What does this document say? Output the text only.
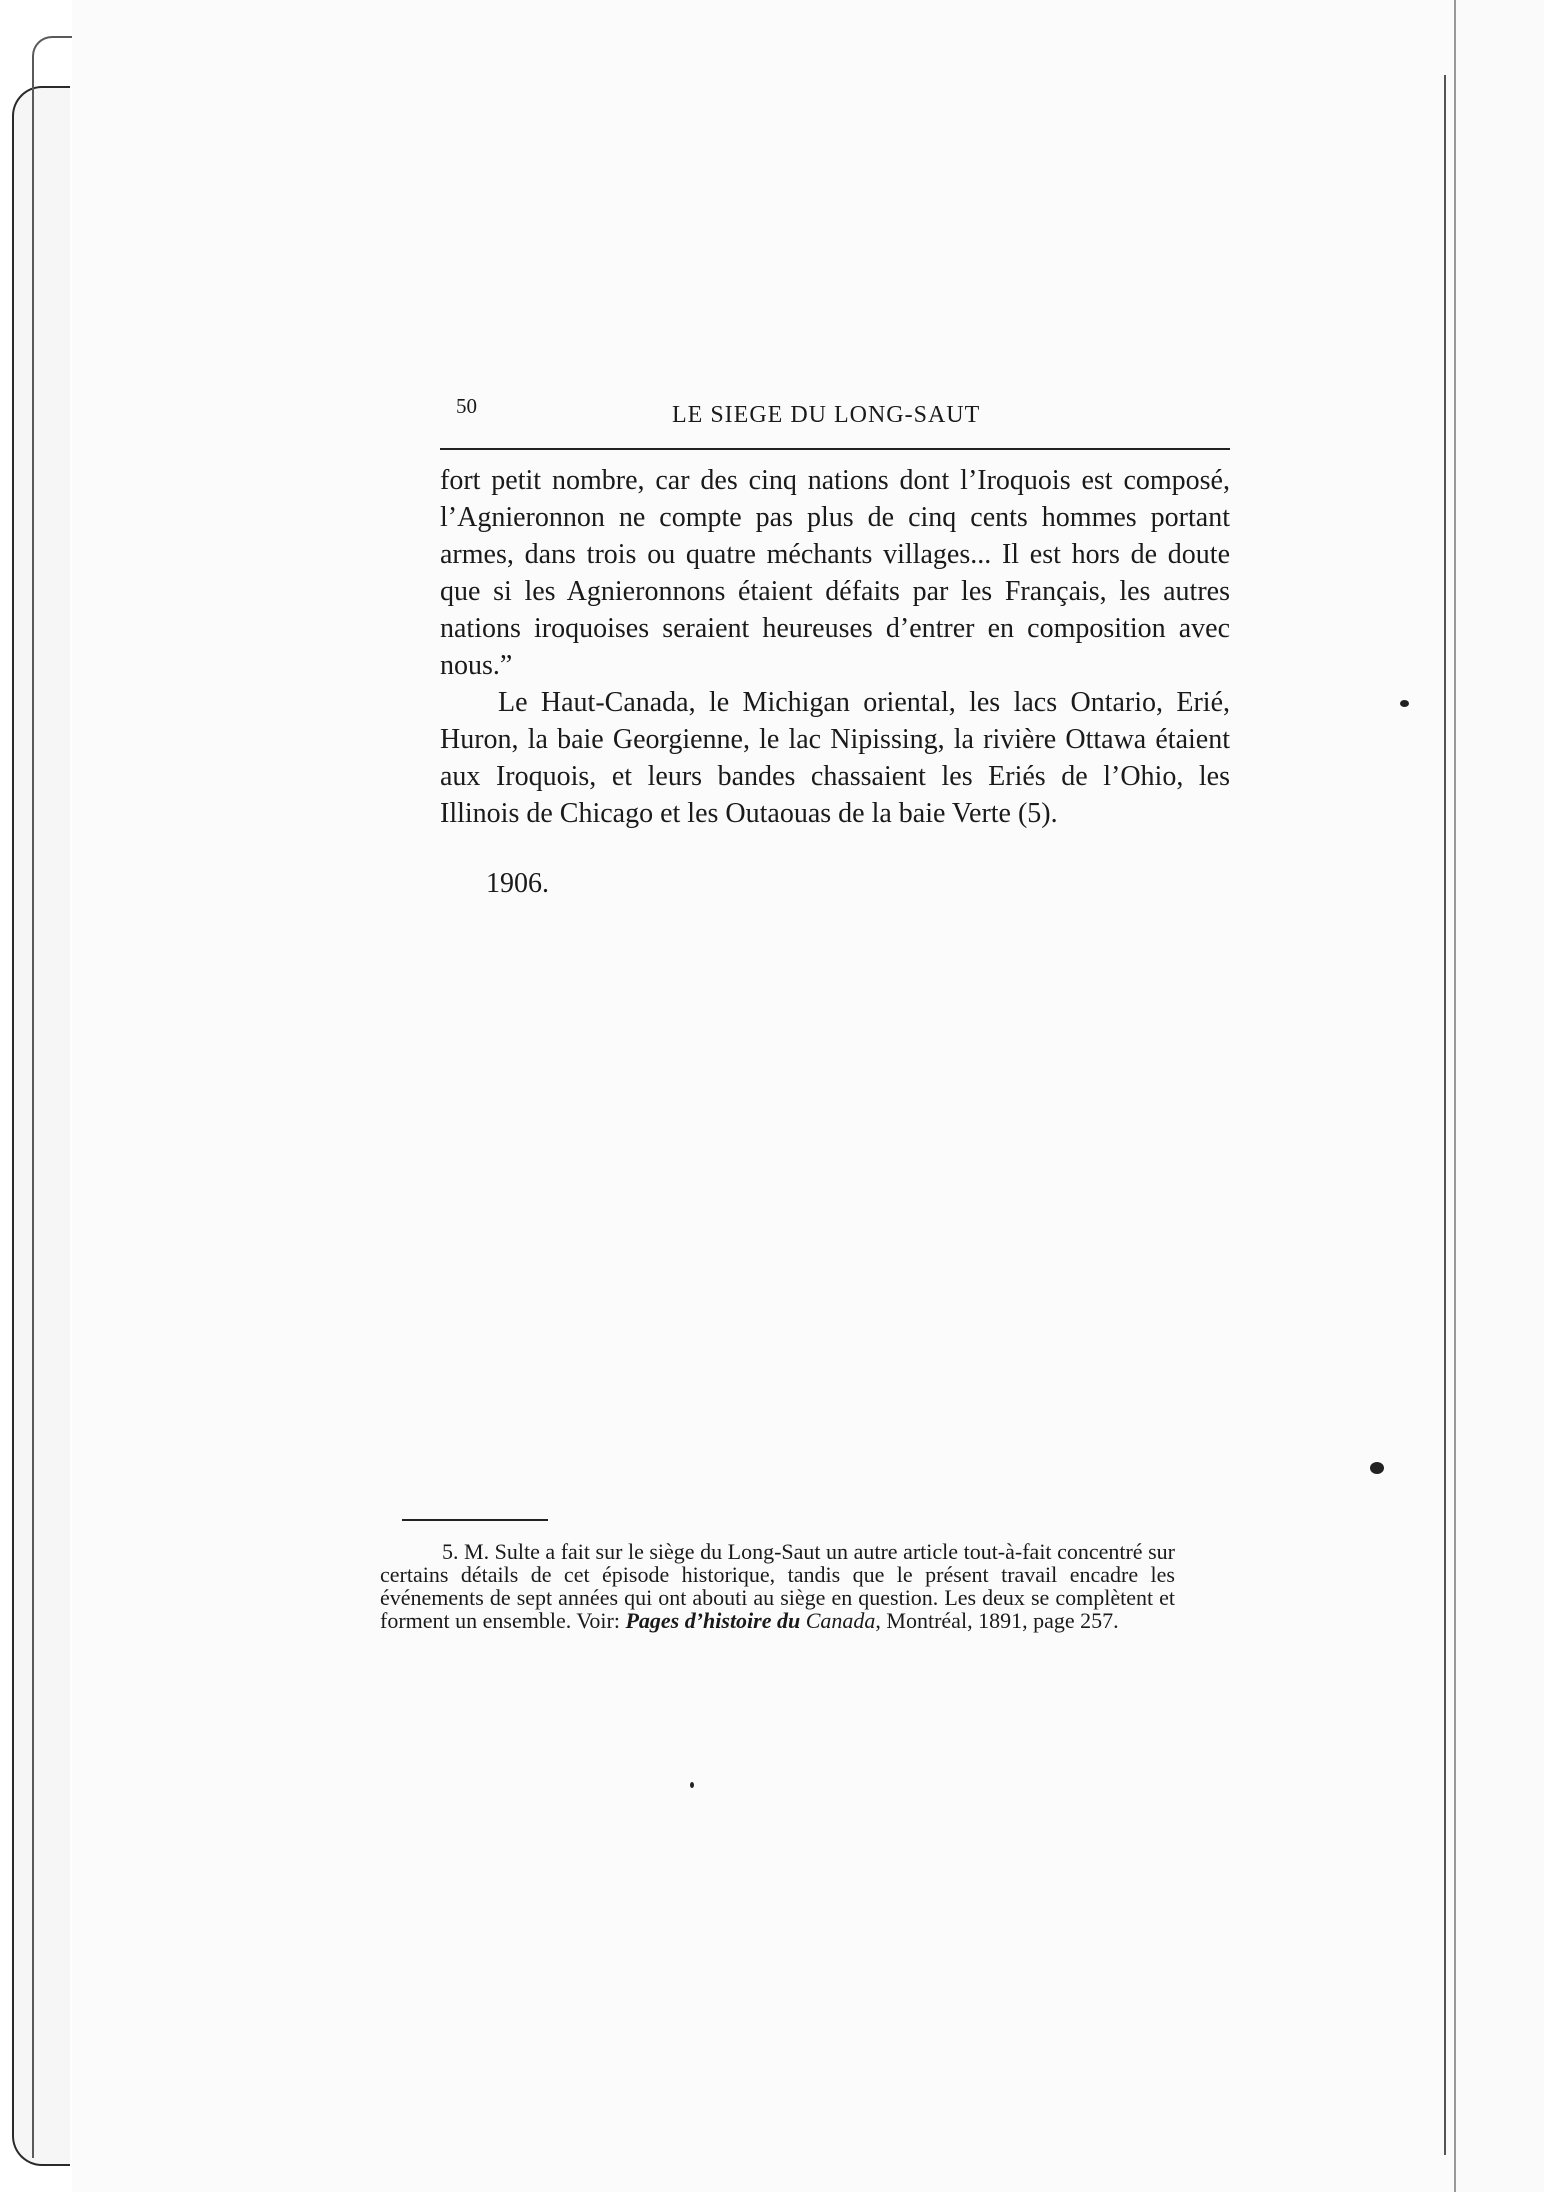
50	LE SIEGE DU LONG-SAUT

fort petit nombre, car des cinq nations dont l’Iroquois est composé, l’Agnieronnon ne compte pas plus de cinq cents hommes portant armes, dans trois ou quatre méchants villages... Il est hors de doute que si les Agnieronnons étaient défaits par les Français, les autres nations iroquoises seraient heureuses d’entrer en composition avec nous.”

Le Haut-Canada, le Michigan oriental, les lacs Ontario, Erié, Huron, la baie Georgienne, le lac Nipissing, la rivière Ottawa étaient aux Iroquois, et leurs bandes chassaient les Eriés de l’Ohio, les Illinois de Chicago et les Outaouas de la baie Verte (5).

1906.

5. M. Sulte a fait sur le siège du Long-Saut un autre article tout-à-fait concentré sur certains détails de cet épisode historique, tandis que le présent travail encadre les événements de sept années qui ont abouti au siège en question. Les deux se complètent et forment un ensemble. Voir: Pages d’histoire du Canada, Montréal, 1891, page 257.
